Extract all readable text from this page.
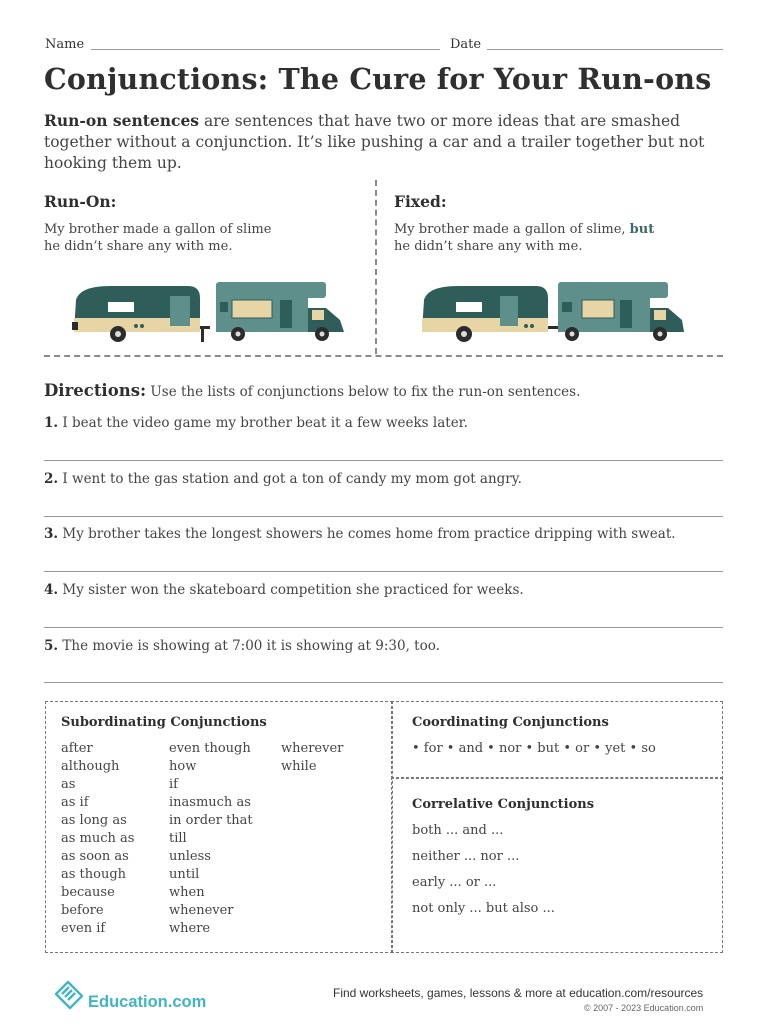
Name	Date
Conjunctions: The Cure for Your Run-ons

Run-on sentences are sentences that have two or more ideas that are smashed together without a conjunction. It’s like pushing a car and a trailer together but not hooking them up.

Run-On:
My brother made a gallon of slime
he didn’t share any with me.
Fixed:
My brother made a gallon of slime, but
he didn’t share any with me.
Directions: Use the lists of conjunctions below to fix the run-on sentences.
1. I beat the video game my brother beat it a few weeks later.
2. I went to the gas station and got a ton of candy my mom got angry.
3. My brother takes the longest showers he comes home from practice dripping with sweat.
4. My sister won the skateboard competition she practiced for weeks.
5. The movie is showing at 7:00 it is showing at 9:30, too.
Subordinating Conjunctions
after
although
as
as if
as long as
as much as
as soon as
as though
because
before
even if
even though
how
if
inasmuch as
in order that
till
unless
until
when
whenever
where
wherever
while
Coordinating Conjunctions
• for • and • nor • but • or • yet • so
Correlative Conjunctions
both ... and ...
neither ... nor ...
early ... or ...
not only ... but also ...
Education.com	Find worksheets, games, lessons & more at education.com/resources
© 2007 - 2023 Education.com
